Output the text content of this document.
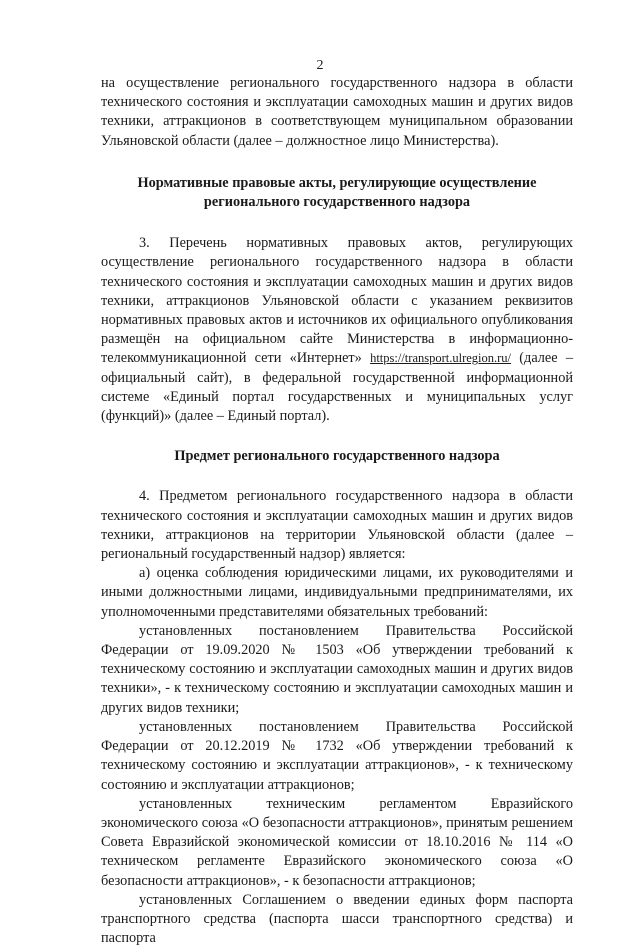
2

на осуществление регионального государственного надзора в области технического состояния и эксплуатации самоходных машин и других видов техники, аттракционов в соответствующем муниципальном образовании Ульяновской области (далее – должностное лицо Министерства).

Нормативные правовые акты, регулирующие осуществление регионального государственного надзора

3. Перечень нормативных правовых актов, регулирующих осуществление регионального государственного надзора в области технического состояния и эксплуатации самоходных машин и других видов техники, аттракционов Ульяновской области с указанием реквизитов нормативных правовых актов и источников их официального опубликования размещён на официальном сайте Министерства в информационно-телекоммуникационной сети «Интернет» https://transport.ulregion.ru/ (далее – официальный сайт), в федеральной государственной информационной системе «Единый портал государственных и муниципальных услуг (функций)» (далее – Единый портал).

Предмет регионального государственного надзора

4. Предметом регионального государственного надзора в области технического состояния и эксплуатации самоходных машин и других видов техники, аттракционов на территории Ульяновской области (далее – региональный государственный надзор) является:

а) оценка соблюдения юридическими лицами, их руководителями и иными должностными лицами, индивидуальными предпринимателями, их уполномоченными представителями обязательных требований:

установленных постановлением Правительства Российской Федерации от 19.09.2020 № 1503 «Об утверждении требований к техническому состоянию и эксплуатации самоходных машин и других видов техники», - к техническому состоянию и эксплуатации самоходных машин и других видов техники;

установленных постановлением Правительства Российской Федерации от 20.12.2019 № 1732 «Об утверждении требований к техническому состоянию и эксплуатации аттракционов», - к техническому состоянию и эксплуатации аттракционов;

установленных техническим регламентом Евразийского экономического союза «О безопасности аттракционов», принятым решением Совета Евразийской экономической комиссии от 18.10.2016 № 114 «О техническом регламенте Евразийского экономического союза «О безопасности аттракционов», - к безопасности аттракционов;

установленных Соглашением о введении единых форм паспорта транспортного средства (паспорта шасси транспортного средства) и паспорта
